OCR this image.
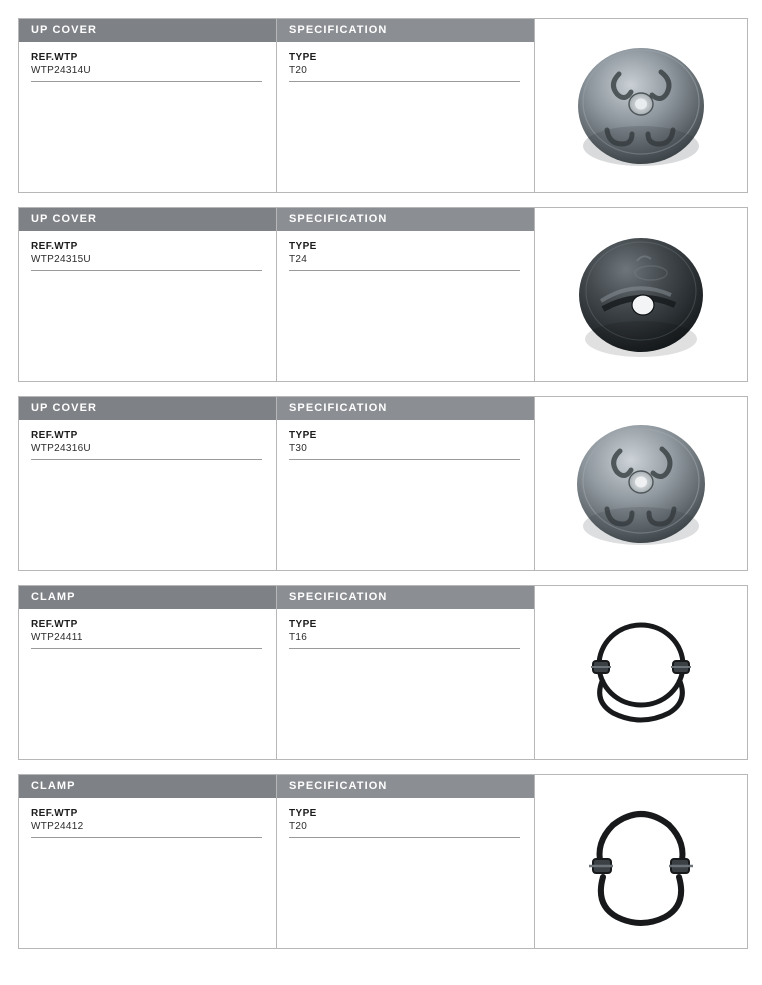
UP COVER
REF.WTP
WTP24314U
SPECIFICATION
TYPE
T20
UP COVER
REF.WTP
WTP24315U
SPECIFICATION
TYPE
T24
UP COVER
REF.WTP
WTP24316U
SPECIFICATION
TYPE
T30
CLAMP
REF.WTP
WTP24411
SPECIFICATION
TYPE
T16
CLAMP
REF.WTP
WTP24412
SPECIFICATION
TYPE
T20
